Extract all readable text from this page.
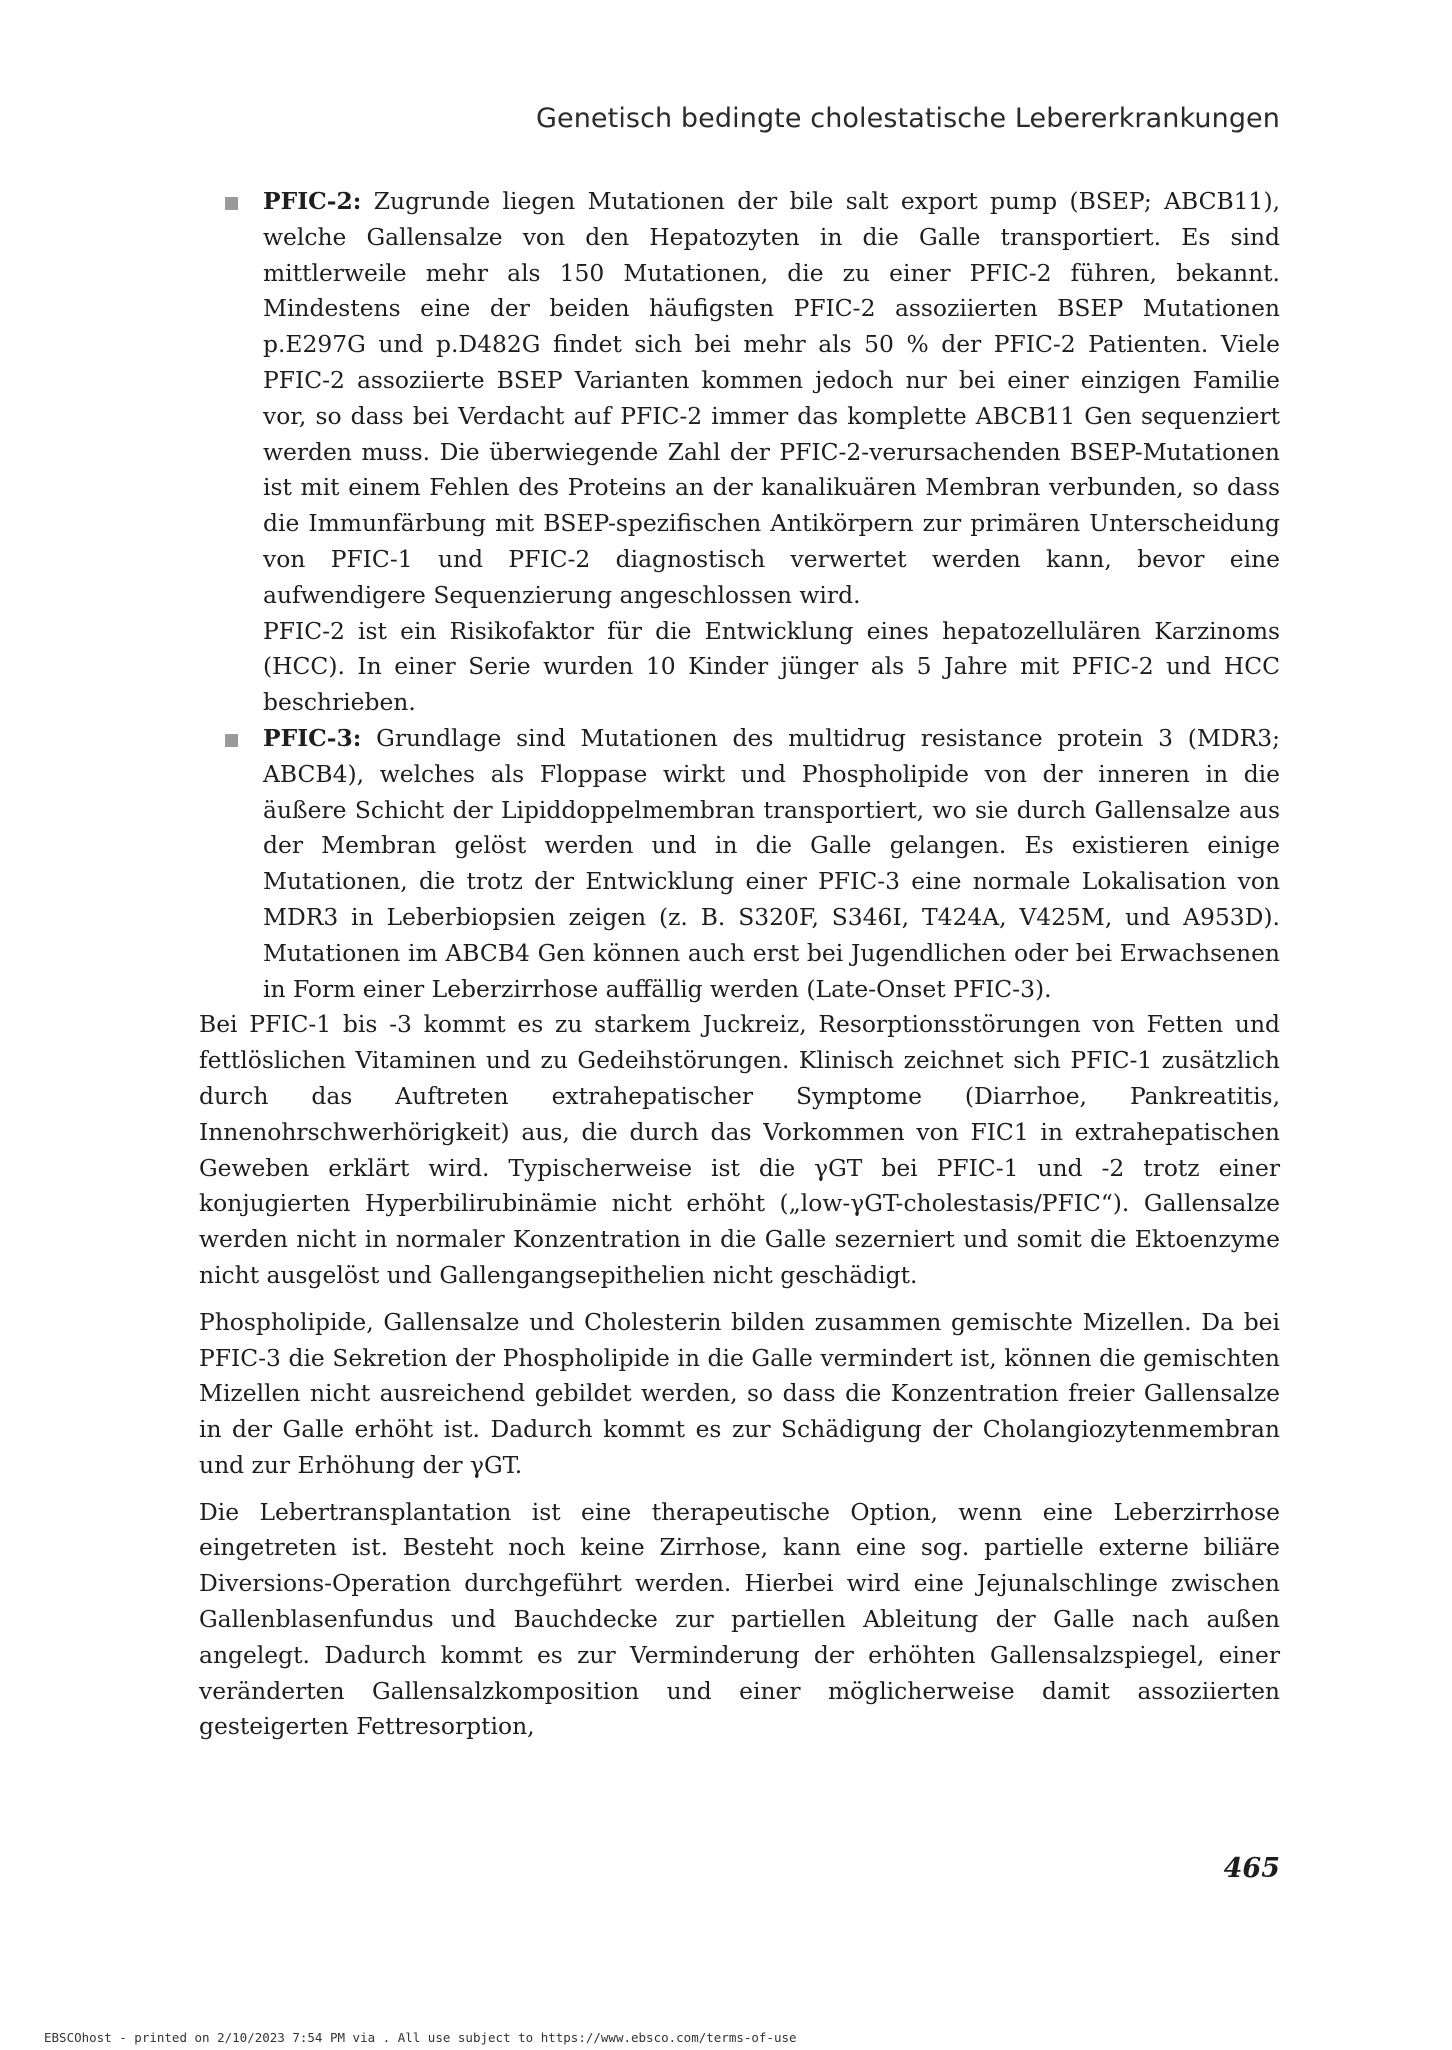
Genetisch bedingte cholestatische Lebererkrankungen

PFIC-2: Zugrunde liegen Mutationen der bile salt export pump (BSEP; ABCB11), welche Gallensalze von den Hepatozyten in die Galle transportiert. Es sind mittlerweile mehr als 150 Mutationen, die zu einer PFIC-2 führen, bekannt. Mindestens eine der beiden häufigsten PFIC-2 assoziierten BSEP Mutationen p.E297G und p.D482G findet sich bei mehr als 50 % der PFIC-2 Patienten. Viele PFIC-2 assoziierte BSEP Varianten kommen jedoch nur bei einer einzigen Familie vor, so dass bei Verdacht auf PFIC-2 immer das komplette ABCB11 Gen sequenziert werden muss. Die überwiegende Zahl der PFIC-2-verursachenden BSEP-Mutationen ist mit einem Fehlen des Proteins an der kanalikuären Membran verbunden, so dass die Immunfärbung mit BSEP-spezifischen Antikörpern zur primären Unterscheidung von PFIC-1 und PFIC-2 diagnostisch verwertet werden kann, bevor eine aufwendigere Sequenzierung angeschlossen wird.

PFIC-2 ist ein Risikofaktor für die Entwicklung eines hepatozellulären Karzinoms (HCC). In einer Serie wurden 10 Kinder jünger als 5 Jahre mit PFIC-2 und HCC beschrieben.

PFIC-3: Grundlage sind Mutationen des multidrug resistance protein 3 (MDR3; ABCB4), welches als Floppase wirkt und Phospholipide von der inneren in die äußere Schicht der Lipiddoppelmembran transportiert, wo sie durch Gallensalze aus der Membran gelöst werden und in die Galle gelangen. Es existieren einige Mutationen, die trotz der Entwicklung einer PFIC-3 eine normale Lokalisation von MDR3 in Leberbiopsien zeigen (z. B. S320F, S346I, T424A, V425M, und A953D). Mutationen im ABCB4 Gen können auch erst bei Jugendlichen oder bei Erwachsenen in Form einer Leberzirrhose auffällig werden (Late-Onset PFIC-3).

Bei PFIC-1 bis -3 kommt es zu starkem Juckreiz, Resorptionsstörungen von Fetten und fettlöslichen Vitaminen und zu Gedeihstörungen. Klinisch zeichnet sich PFIC-1 zusätzlich durch das Auftreten extrahepatischer Symptome (Diarrhoe, Pankreatitis, Innenohrschwerhörigkeit) aus, die durch das Vorkommen von FIC1 in extrahepatischen Geweben erklärt wird. Typischerweise ist die γGT bei PFIC-1 und -2 trotz einer konjugierten Hyperbilirubinämie nicht erhöht („low-γGT-cholestasis/PFIC“). Gallensalze werden nicht in normaler Konzentration in die Galle sezerniert und somit die Ektoenzyme nicht ausgelöst und Gallengangsepithelien nicht geschädigt.

Phospholipide, Gallensalze und Cholesterin bilden zusammen gemischte Mizellen. Da bei PFIC-3 die Sekretion der Phospholipide in die Galle vermindert ist, können die gemischten Mizellen nicht ausreichend gebildet werden, so dass die Konzentration freier Gallensalze in der Galle erhöht ist. Dadurch kommt es zur Schädigung der Cholangiozytenmembran und zur Erhöhung der γGT.

Die Lebertransplantation ist eine therapeutische Option, wenn eine Leberzirrhose eingetreten ist. Besteht noch keine Zirrhose, kann eine sog. partielle externe biliäre Diversions-Operation durchgeführt werden. Hierbei wird eine Jejunalschlinge zwischen Gallenblasenfundus und Bauchdecke zur partiellen Ableitung der Galle nach außen angelegt. Dadurch kommt es zur Verminderung der erhöhten Gallensalzspiegel, einer veränderten Gallensalzkomposition und einer möglicherweise damit assoziierten gesteigerten Fettresorption,

465
EBSCOhost - printed on 2/10/2023 7:54 PM via . All use subject to https://www.ebsco.com/terms-of-use
